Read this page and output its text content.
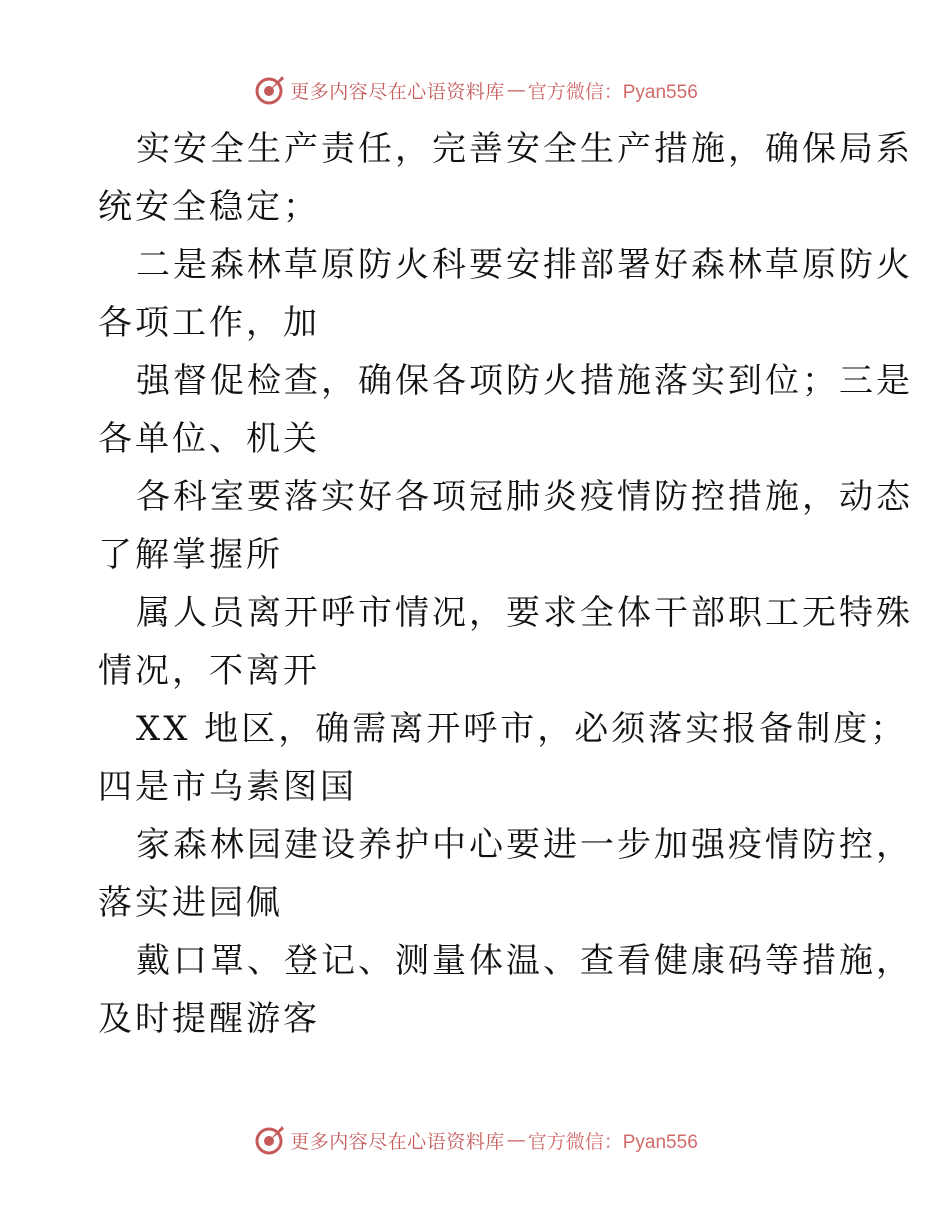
更多内容尽在心语资料库 — 官方微信：Pyan556
实安全生产责任，完善安全生产措施，确保局系
统安全稳定；
二是森林草原防火科要安排部署好森林草原防火
各项工作，加
强督促检查，确保各项防火措施落实到位；三是
各单位、机关
各科室要落实好各项冠肺炎疫情防控措施，动态
了解掌握所
属人员离开呼市情况，要求全体干部职工无特殊
情况，不离开
XX 地区，确需离开呼市，必须落实报备制度；
四是市乌素图国
家森林园建设养护中心要进一步加强疫情防控，
落实进园佩
戴口罩、登记、测量体温、查看健康码等措施，
及时提醒游客
更多内容尽在心语资料库 — 官方微信：Pyan556
